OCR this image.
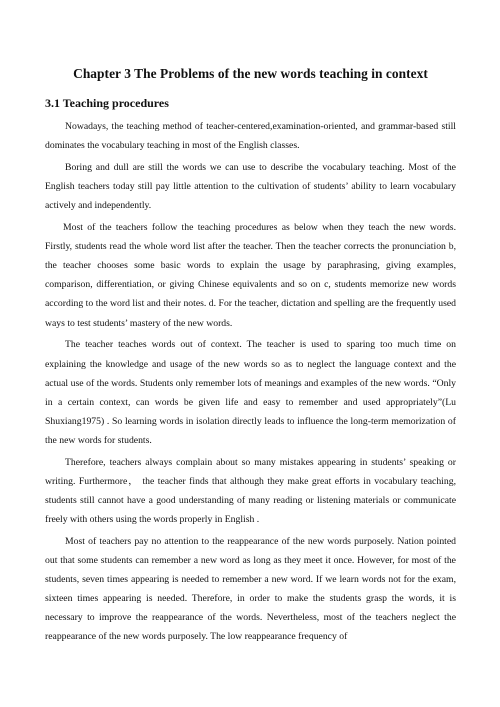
Chapter 3 The Problems of the new words teaching in context
3.1 Teaching procedures

Nowadays, the teaching method of teacher-centered,examination-oriented, and grammar-based still dominates the vocabulary teaching in most of the English classes.

Boring and dull are still the words we can use to describe the vocabulary teaching. Most of the English teachers today still pay little attention to the cultivation of students’ ability to learn vocabulary actively and independently.

Most of the teachers follow the teaching procedures as below when they teach the new words. Firstly, students read the whole word list after the teacher. Then the teacher corrects the pronunciation b, the teacher chooses some basic words to explain the usage by paraphrasing, giving examples, comparison, differentiation, or giving Chinese equivalents and so on c, students memorize new words according to the word list and their notes. d. For the teacher, dictation and spelling are the frequently used ways to test students’ mastery of the new words.

The teacher teaches words out of context. The teacher is used to sparing too much time on explaining the knowledge and usage of the new words so as to neglect the language context and the actual use of the words. Students only remember lots of meanings and examples of the new words. “Only in a certain context, can words be given life and easy to remember and used appropriately”(Lu Shuxiang1975) . So learning words in isolation directly leads to influence the long-term memorization of the new words for students.

Therefore, teachers always complain about so many mistakes appearing in students’ speaking or writing. Furthermore， the teacher finds that although they make great efforts in vocabulary teaching, students still cannot have a good understanding of many reading or listening materials or communicate freely with others using the words properly in English .

Most of teachers pay no attention to the reappearance of the new words purposely. Nation pointed out that some students can remember a new word as long as they meet it once. However, for most of the students, seven times appearing is needed to remember a new word. If we learn words not for the exam, sixteen times appearing is needed. Therefore, in order to make the students grasp the words, it is necessary to improve the reappearance of the words. Nevertheless, most of the teachers neglect the reappearance of the new words purposely. The low reappearance frequency of
